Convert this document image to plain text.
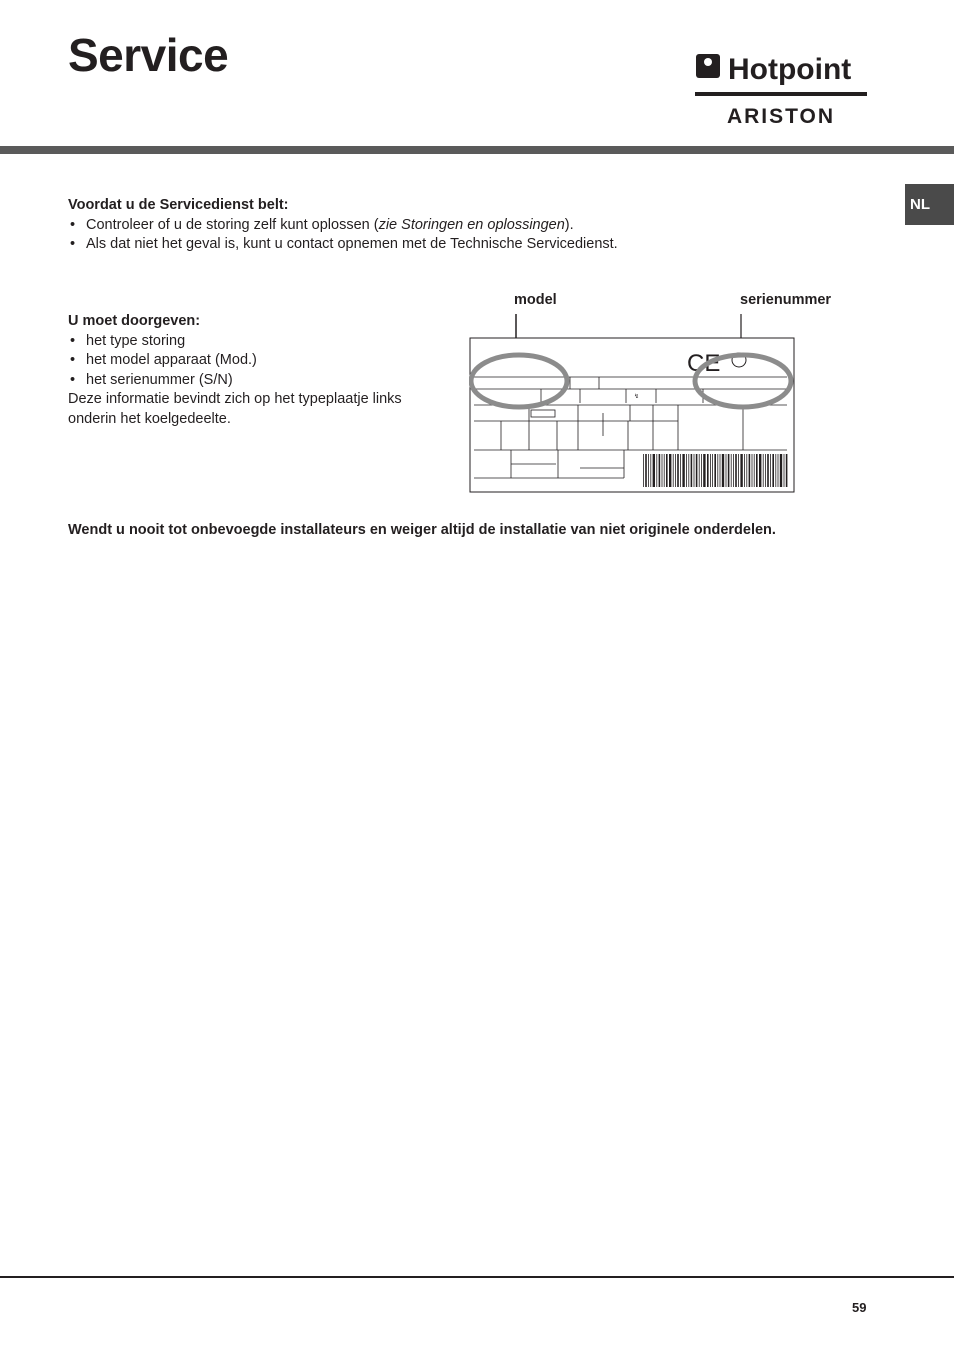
Service	Hotpoint
ARISTON
NL

Voordat u de Servicedienst belt:

• Controleer of u de storing zelf kunt oplossen (zie Storingen en oplossingen).
• Als dat niet het geval is, kunt u contact opnemen met de Technische Servicedienst.

U moet doorgeven:

• het type storing
• het model apparaat (Mod.)
• het serienummer (S/N)

Deze informatie bevindt zich op het typeplaatje links onderin het koelgedeelte.

model	serienummer
↯
CE
Wendt u nooit tot onbevoegde installateurs en weiger altijd de installatie van niet originele onderdelen.
59
